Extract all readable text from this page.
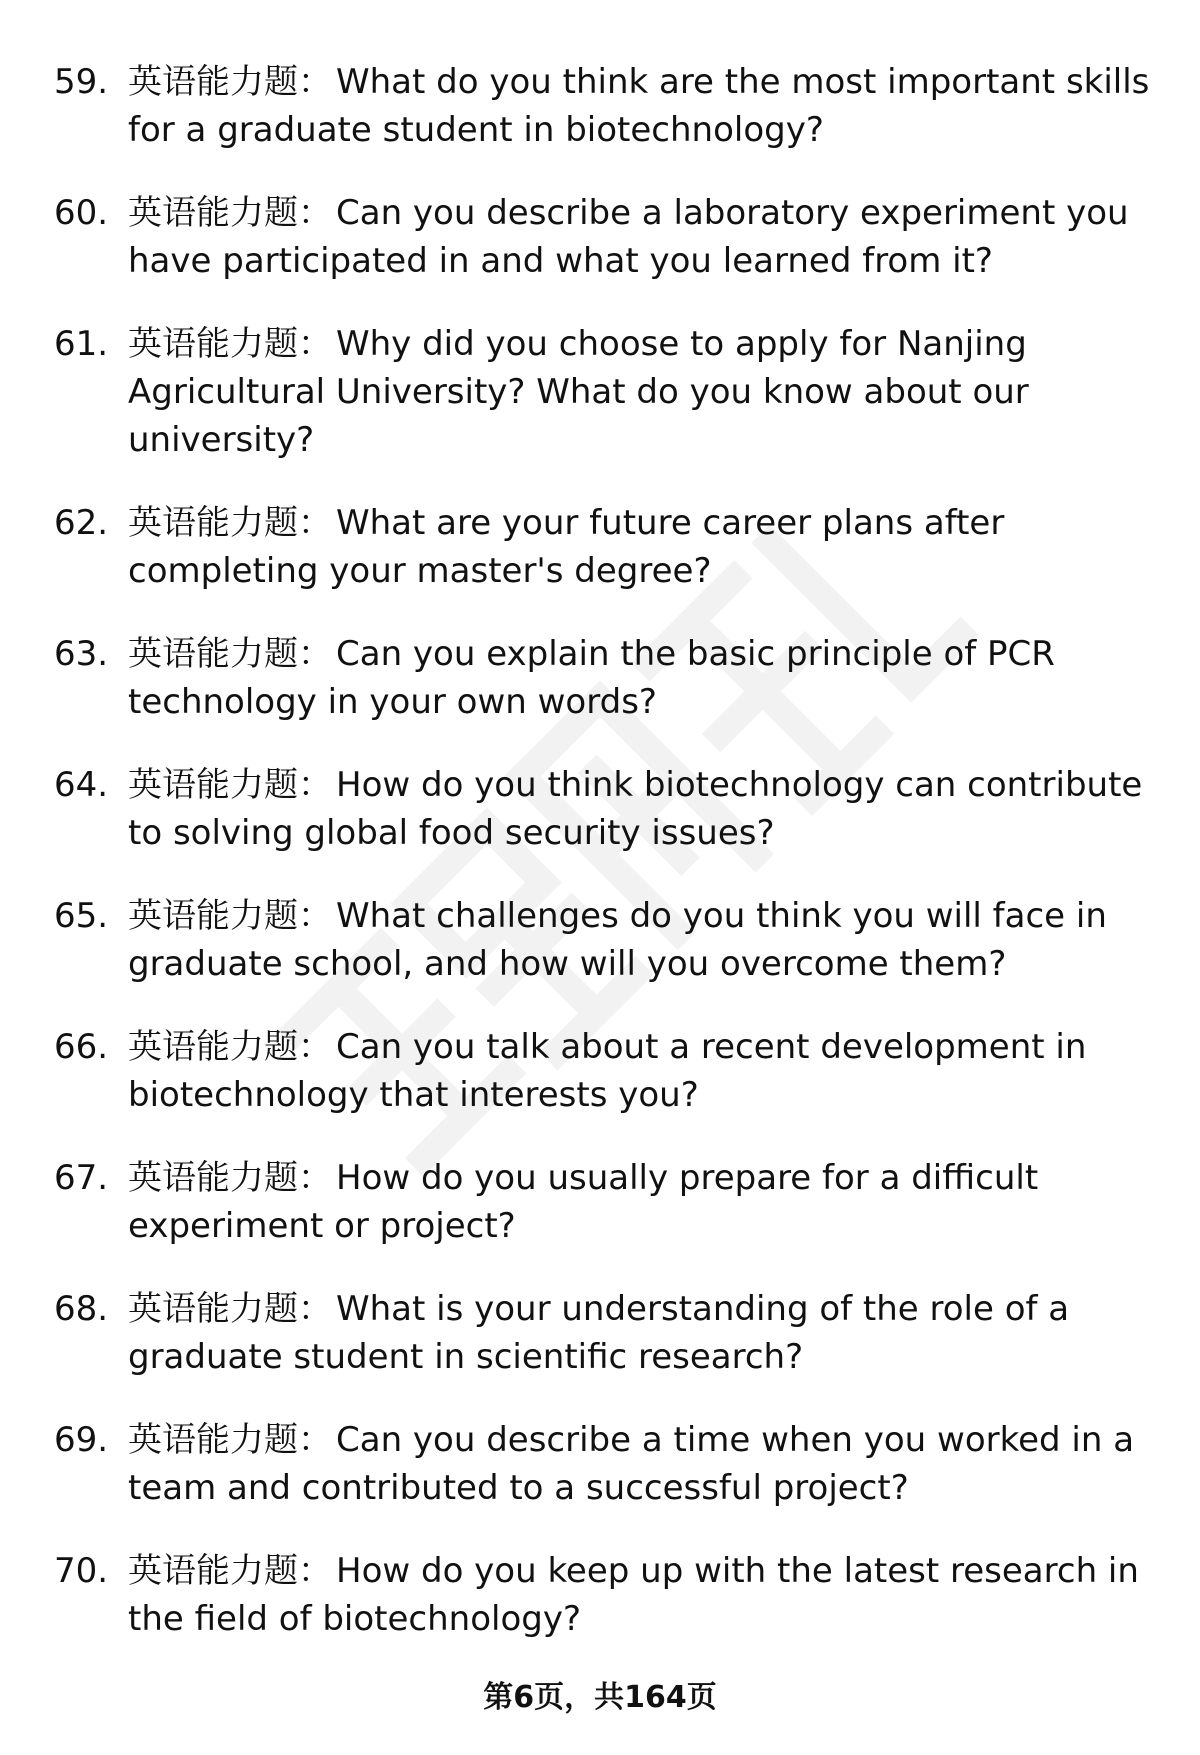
59. 英语能力题： What do you think are the most important skills for a graduate student in biotechnology?
60. 英语能力题： Can you describe a laboratory experiment you have participated in and what you learned from it?
61. 英语能力题： Why did you choose to apply for Nanjing Agricultural University? What do you know about our university?
62. 英语能力题： What are your future career plans after completing your master's degree?
63. 英语能力题： Can you explain the basic principle of PCR technology in your own words?
64. 英语能力题： How do you think biotechnology can contribute to solving global food security issues?
65. 英语能力题： What challenges do you think you will face in graduate school, and how will you overcome them?
66. 英语能力题： Can you talk about a recent development in biotechnology that interests you?
67. 英语能力题： How do you usually prepare for a difficult experiment or project?
68. 英语能力题： What is your understanding of the role of a graduate student in scientific research?
69. 英语能力题： Can you describe a time when you worked in a team and contributed to a successful project?
70. 英语能力题： How do you keep up with the latest research in the field of biotechnology?
第6页，共164页
